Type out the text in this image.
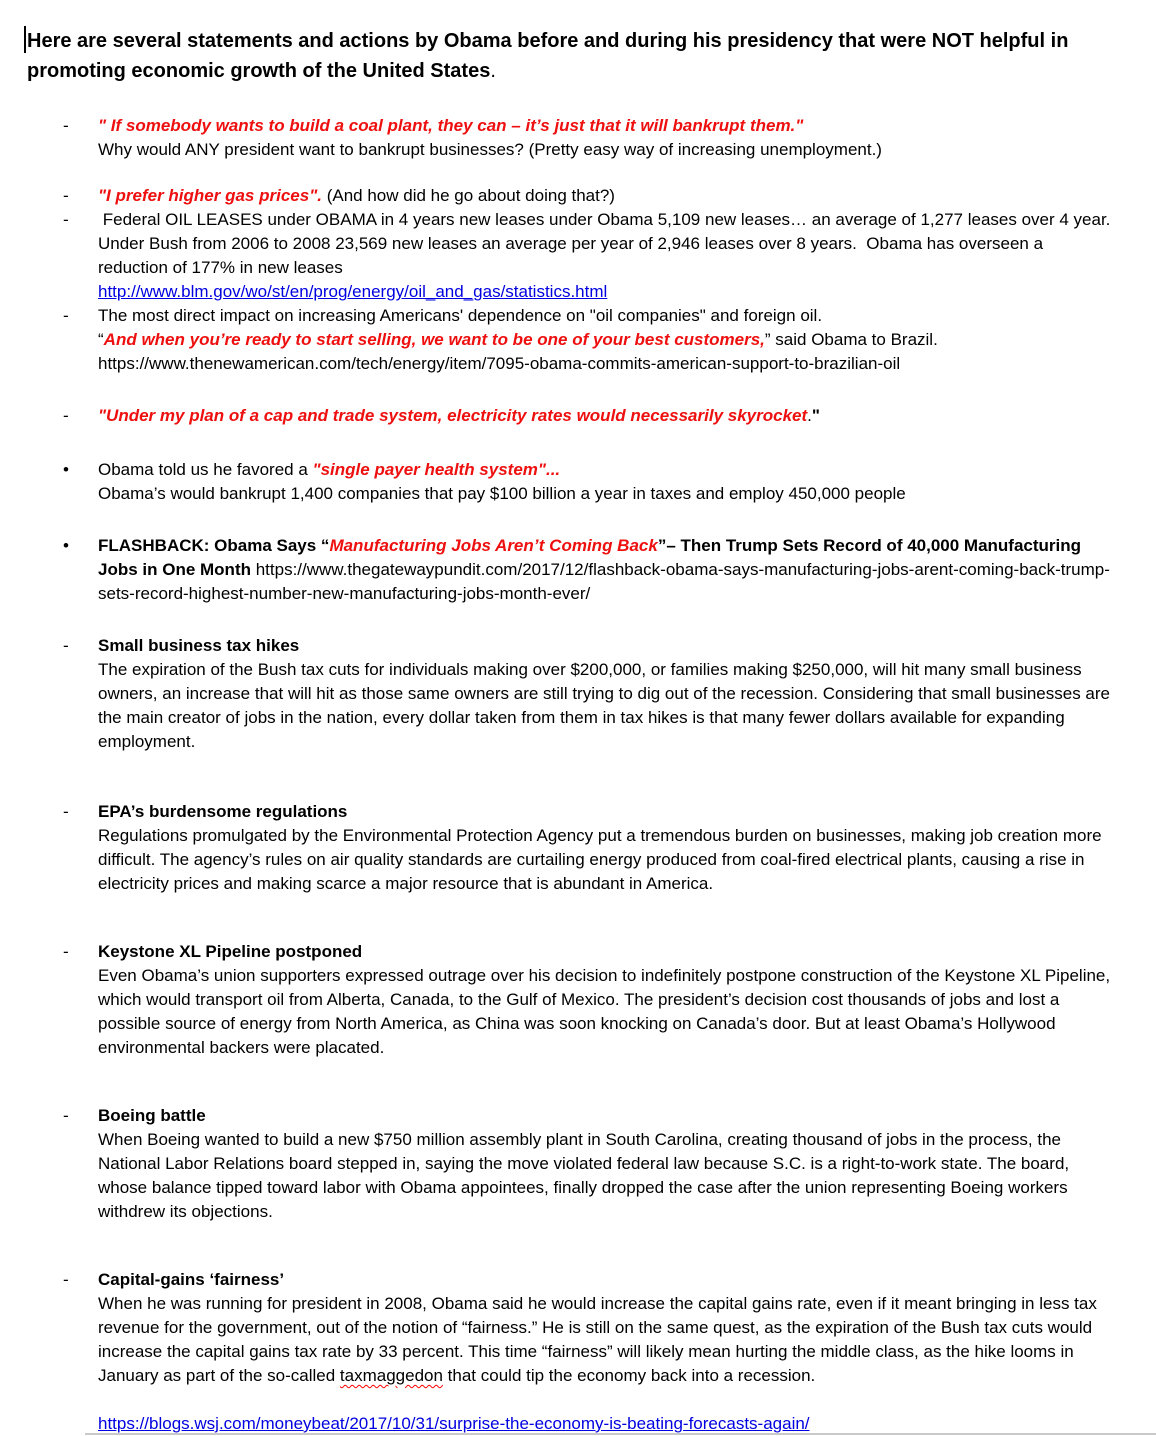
Here are several statements and actions by Obama before and during his presidency that were NOT helpful in promoting economic growth of the United States.

- " If somebody wants to build a coal plant, they can – it’s just that it will bankrupt them."
Why would ANY president want to bankrupt businesses? (Pretty easy way of increasing unemployment.)
- "I prefer higher gas prices". (And how did he go about doing that?)
- Federal OIL LEASES under OBAMA in 4 years new leases under Obama 5,109 new leases… an average of 1,277 leases over 4 year.  Under Bush from 2006 to 2008 23,569 new leases an average per year of 2,946 leases over 8 years.  Obama has overseen a reduction of 177% in new leases
http://www.blm.gov/wo/st/en/prog/energy/oil_and_gas/statistics.html
- The most direct impact on increasing Americans' dependence on "oil companies" and foreign oil.
“And when you’re ready to start selling, we want to be one of your best customers,” said Obama to Brazil.
https://www.thenewamerican.com/tech/energy/item/7095-obama-commits-american-support-to-brazilian-oil
- "Under my plan of a cap and trade system, electricity rates would necessarily skyrocket."
• Obama told us he favored a "single payer health system"...
Obama’s would bankrupt 1,400 companies that pay $100 billion a year in taxes and employ 450,000 people
• FLASHBACK: Obama Says “Manufacturing Jobs Aren’t Coming Back”– Then Trump Sets Record of 40,000 Manufacturing Jobs in One Month https://www.thegatewaypundit.com/2017/12/flashback-obama-says-manufacturing-jobs-arent-coming-back-trump-sets-record-highest-number-new-manufacturing-jobs-month-ever/
- Small business tax hikes
The expiration of the Bush tax cuts for individuals making over $200,000, or families making $250,000, will hit many small business owners, an increase that will hit as those same owners are still trying to dig out of the recession. Considering that small businesses are the main creator of jobs in the nation, every dollar taken from them in tax hikes is that many fewer dollars available for expanding employment.
- EPA’s burdensome regulations
Regulations promulgated by the Environmental Protection Agency put a tremendous burden on businesses, making job creation more difficult. The agency’s rules on air quality standards are curtailing energy produced from coal-fired electrical plants, causing a rise in electricity prices and making scarce a major resource that is abundant in America.
- Keystone XL Pipeline postponed
Even Obama’s union supporters expressed outrage over his decision to indefinitely postpone construction of the Keystone XL Pipeline, which would transport oil from Alberta, Canada, to the Gulf of Mexico. The president’s decision cost thousands of jobs and lost a possible source of energy from North America, as China was soon knocking on Canada’s door. But at least Obama’s Hollywood environmental backers were placated.
- Boeing battle
When Boeing wanted to build a new $750 million assembly plant in South Carolina, creating thousand of jobs in the process, the National Labor Relations board stepped in, saying the move violated federal law because S.C. is a right-to-work state. The board, whose balance tipped toward labor with Obama appointees, finally dropped the case after the union representing Boeing workers withdrew its objections.
- Capital-gains ‘fairness’
When he was running for president in 2008, Obama said he would increase the capital gains rate, even if it meant bringing in less tax revenue for the government, out of the notion of “fairness.” He is still on the same quest, as the expiration of the Bush tax cuts would increase the capital gains tax rate by 33 percent. This time “fairness” will likely mean hurting the middle class, as the hike looms in January as part of the so-called taxmaggedon that could tip the economy back into a recession.
https://blogs.wsj.com/moneybeat/2017/10/31/surprise-the-economy-is-beating-forecasts-again/
